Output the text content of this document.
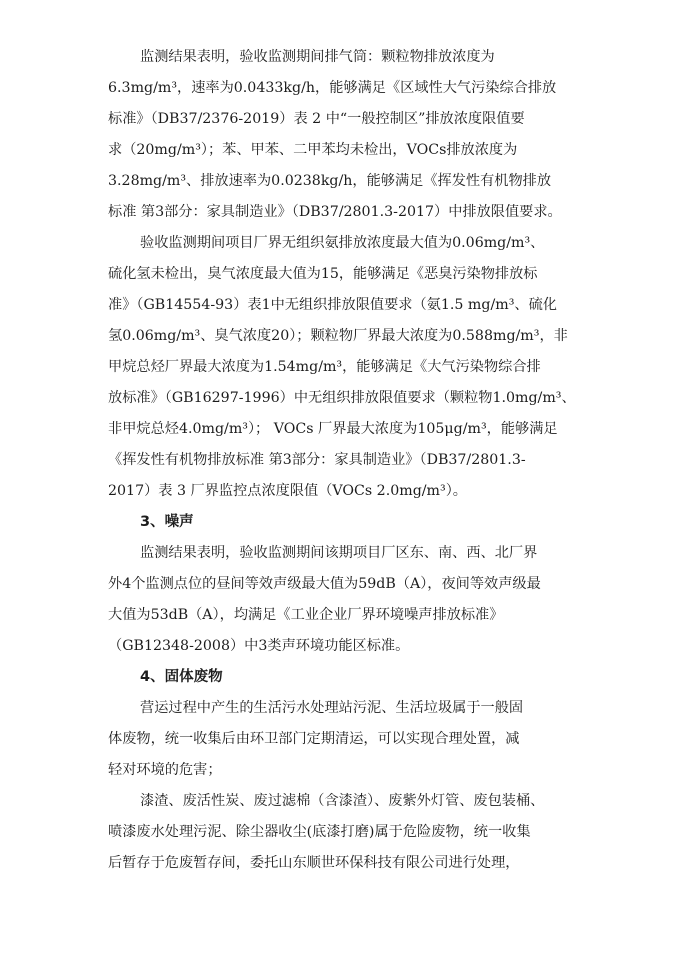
监测结果表明，验收监测期间排气筒：颗粒物排放浓度为
6.3mg/m³，速率为0.0433kg/h，能够满足《区域性大气污染综合排放
标准》（DB37/2376-2019）表 2 中“一般控制区”排放浓度限值要
求（20mg/m³）；苯、甲苯、二甲苯均未检出，VOCs排放浓度为
3.28mg/m³、排放速率为0.0238kg/h，能够满足《挥发性有机物排放
标准 第3部分：家具制造业》（DB37/2801.3-2017）中排放限值要求。
验收监测期间项目厂界无组织氨排放浓度最大值为0.06mg/m³、
硫化氢未检出，臭气浓度最大值为15，能够满足《恶臭污染物排放标
准》（GB14554-93）表1中无组织排放限值要求（氨1.5 mg/m³、硫化
氢0.06mg/m³、臭气浓度20）；颗粒物厂界最大浓度为0.588mg/m³，非
甲烷总烃厂界最大浓度为1.54mg/m³，能够满足《大气污染物综合排
放标准》（GB16297-1996）中无组织排放限值要求（颗粒物1.0mg/m³、
非甲烷总烃4.0mg/m³）； VOCs 厂界最大浓度为105μg/m³，能够满足
《挥发性有机物排放标准 第3部分：家具制造业》（DB37/2801.3-
2017）表 3 厂界监控点浓度限值（VOCs 2.0mg/m³）。
3、噪声
监测结果表明，验收监测期间该期项目厂区东、南、西、北厂界
外4个监测点位的昼间等效声级最大值为59dB（A），夜间等效声级最
大值为53dB（A），均满足《工业企业厂界环境噪声排放标准》
（GB12348-2008）中3类声环境功能区标准。
4、固体废物
营运过程中产生的生活污水处理站污泥、生活垃圾属于一般固
体废物，统一收集后由环卫部门定期清运，可以实现合理处置，减
轻对环境的危害；
漆渣、废活性炭、废过滤棉（含漆渣）、废紫外灯管、废包装桶、
喷漆废水处理污泥、除尘器收尘(底漆打磨)属于危险废物，统一收集
后暂存于危废暂存间，委托山东顺世环保科技有限公司进行处理，
